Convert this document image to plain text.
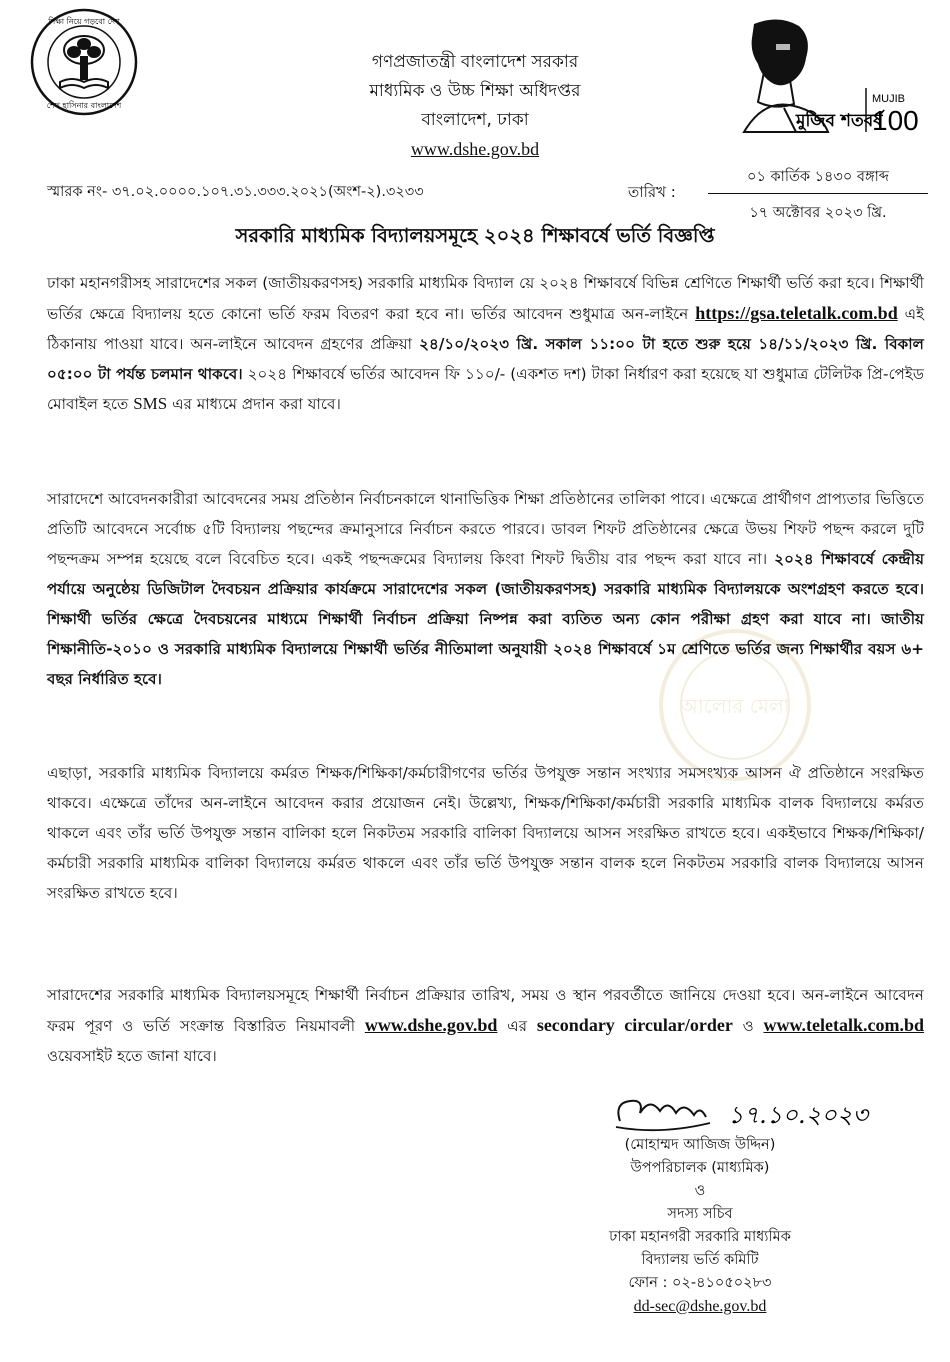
শিক্ষা নিয়ে গড়বো দেশ
শেখ হাসিনার বাংলাদেশ
গণপ্রজাতন্ত্রী বাংলাদেশ সরকার
মাধ্যমিক ও উচ্চ শিক্ষা অধিদপ্তর
বাংলাদেশ, ঢাকা
www.dshe.gov.bd
মুজিব শতবর্ষ
MUJIB
100
স্মারক নং- ৩৭.০২.০০০০.১০৭.৩১.৩৩৩.২০২১(অংশ-২).৩২৩৩	তারিখ :
০১ কার্তিক ১৪৩০ বঙ্গাব্দ
১৭ অক্টোবর ২০২৩ খ্রি.
সরকারি মাধ্যমিক বিদ্যালয়সমূহে ২০২৪ শিক্ষাবর্ষে ভর্তি বিজ্ঞপ্তি
ঢাকা মহানগরীসহ সারাদেশের সকল (জাতীয়করণসহ) সরকারি মাধ্যমিক বিদ্যাল য়ে ২০২৪ শিক্ষাবর্ষে বিভিন্ন শ্রেণিতে শিক্ষার্থী ভর্তি করা হবে। শিক্ষার্থী ভর্তির ক্ষেত্রে বিদ্যালয় হতে কোনো ভর্তি ফরম বিতরণ করা হবে না। ভর্তির আবেদন শুধুমাত্র অন-লাইনে https://gsa.teletalk.com.bd এই ঠিকানায় পাওয়া যাবে। অন-লাইনে আবেদন গ্রহণের প্রক্রিয়া ২৪/১০/২০২৩ খ্রি. সকাল ১১:০০ টা হতে শুরু হয়ে ১৪/১১/২০২৩ খ্রি. বিকাল ০৫:০০ টা পর্যন্ত চলমান থাকবে। ২০২৪ শিক্ষাবর্ষে ভর্তির আবেদন ফি ১১০/- (একশত দশ) টাকা নির্ধারণ করা হয়েছে যা শুধুমাত্র টেলিটক প্রি-পেইড মোবাইল হতে SMS এর মাধ্যমে প্রদান করা যাবে।
সারাদেশে আবেদনকারীরা আবেদনের সময় প্রতিষ্ঠান নির্বাচনকালে থানাভিত্তিক শিক্ষা প্রতিষ্ঠানের তালিকা পাবে। এক্ষেত্রে প্রার্থীগণ প্রাপ্যতার ভিত্তিতে প্রতিটি আবেদনে সর্বোচ্চ ৫টি বিদ্যালয় পছন্দের ক্রমানুসারে নির্বাচন করতে পারবে। ডাবল শিফট প্রতিষ্ঠানের ক্ষেত্রে উভয় শিফট পছন্দ করলে দুটি পছন্দক্রম সম্পন্ন হয়েছে বলে বিবেচিত হবে। একই পছন্দক্রমের বিদ্যালয় কিংবা শিফট দ্বিতীয় বার পছন্দ করা যাবে না। ২০২৪ শিক্ষাবর্ষে কেন্দ্রীয় পর্যায়ে অনুষ্ঠেয় ডিজিটাল দৈবচয়ন প্রক্রিয়ার কার্যক্রমে সারাদেশের সকল (জাতীয়করণসহ) সরকারি মাধ্যমিক বিদ্যালয়কে অংশগ্রহণ করতে হবে। শিক্ষার্থী ভর্তির ক্ষেত্রে দৈবচয়নের মাধ্যমে শিক্ষার্থী নির্বাচন প্রক্রিয়া নিষ্পন্ন করা ব্যতিত অন্য কোন পরীক্ষা গ্রহণ করা যাবে না। জাতীয় শিক্ষানীতি-২০১০ ও সরকারি মাধ্যমিক বিদ্যালয়ে শিক্ষার্থী ভর্তির নীতিমালা অনুযায়ী ২০২৪ শিক্ষাবর্ষে ১ম শ্রেণিতে ভর্তির জন্য শিক্ষার্থীর বয়স ৬+ বছর নির্ধারিত হবে।
আলোর মেলা
এছাড়া, সরকারি মাধ্যমিক বিদ্যালয়ে কর্মরত শিক্ষক/শিক্ষিকা/কর্মচারীগণের ভর্তির উপযুক্ত সন্তান সংখ্যার সমসংখ্যক আসন ঐ প্রতিষ্ঠানে সংরক্ষিত থাকবে। এক্ষেত্রে তাঁদের অন-লাইনে আবেদন করার প্রয়োজন নেই। উল্লেখ্য, শিক্ষক/শিক্ষিকা/কর্মচারী সরকারি মাধ্যমিক বালক বিদ্যালয়ে কর্মরত থাকলে এবং তাঁর ভর্তি উপযুক্ত সন্তান বালিকা হলে নিকটতম সরকারি বালিকা বিদ্যালয়ে আসন সংরক্ষিত রাখতে হবে। একইভাবে শিক্ষক/শিক্ষিকা/কর্মচারী সরকারি মাধ্যমিক বালিকা বিদ্যালয়ে কর্মরত থাকলে এবং তাঁর ভর্তি উপযুক্ত সন্তান বালক হলে নিকটতম সরকারি বালক বিদ্যালয়ে আসন সংরক্ষিত রাখতে হবে।
সারাদেশের সরকারি মাধ্যমিক বিদ্যালয়সমূহে শিক্ষার্থী নির্বাচন প্রক্রিয়ার তারিখ, সময় ও স্থান পরবর্তীতে জানিয়ে দেওয়া হবে। অন-লাইনে আবেদন ফরম পূরণ ও ভর্তি সংক্রান্ত বিস্তারিত নিয়মাবলী www.dshe.gov.bd এর secondary circular/order ও www.teletalk.com.bd ওয়েবসাইট হতে জানা যাবে।
১৭.১০.২০২৩
(মোহাম্মদ আজিজ উদ্দিন)
উপপরিচালক (মাধ্যমিক)
ও
সদস্য সচিব
ঢাকা মহানগরী সরকারি মাধ্যমিক
বিদ্যালয় ভর্তি কমিটি
ফোন : ০২-৪১০৫০২৮৩
dd-sec@dshe.gov.bd
